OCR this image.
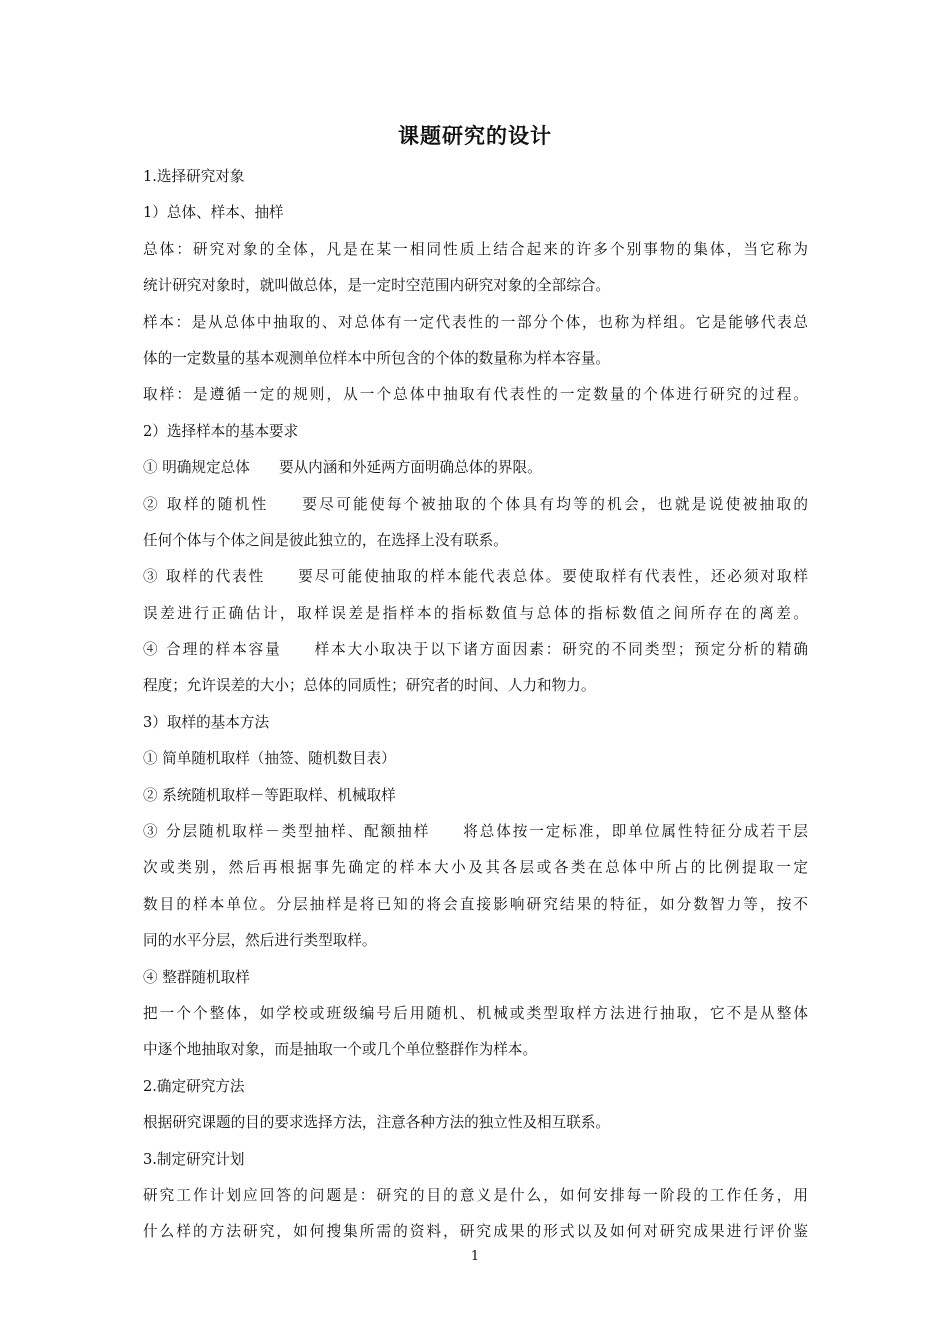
课题研究的设计
1.选择研究对象
1）总体、样本、抽样
总体：研究对象的全体，凡是在某一相同性质上结合起来的许多个别事物的集体，当它称为
统计研究对象时，就叫做总体，是一定时空范围内研究对象的全部综合。
样本：是从总体中抽取的、对总体有一定代表性的一部分个体，也称为样组。它是能够代表总
体的一定数量的基本观测单位样本中所包含的个体的数量称为样本容量。
取样：是遵循一定的规则，从一个总体中抽取有代表性的一定数量的个体进行研究的过程。
2）选择样本的基本要求
① 明确规定总体　　要从内涵和外延两方面明确总体的界限。
② 取样的随机性　　要尽可能使每个被抽取的个体具有均等的机会，也就是说使被抽取的
任何个体与个体之间是彼此独立的，在选择上没有联系。
③ 取样的代表性　　要尽可能使抽取的样本能代表总体。要使取样有代表性，还必须对取样
误差进行正确估计，取样误差是指样本的指标数值与总体的指标数值之间所存在的离差。
④ 合理的样本容量　　样本大小取决于以下诸方面因素：研究的不同类型；预定分析的精确
程度；允许误差的大小；总体的同质性；研究者的时间、人力和物力。
3）取样的基本方法
① 简单随机取样（抽签、随机数目表）
② 系统随机取样－等距取样、机械取样
③ 分层随机取样－类型抽样、配额抽样　　将总体按一定标准，即单位属性特征分成若干层
次或类别，然后再根据事先确定的样本大小及其各层或各类在总体中所占的比例提取一定
数目的样本单位。分层抽样是将已知的将会直接影响研究结果的特征，如分数智力等，按不
同的水平分层，然后进行类型取样。
④ 整群随机取样
把一个个整体，如学校或班级编号后用随机、机械或类型取样方法进行抽取，它不是从整体
中逐个地抽取对象，而是抽取一个或几个单位整群作为样本。
2.确定研究方法
根据研究课题的目的要求选择方法，注意各种方法的独立性及相互联系。
3.制定研究计划
研究工作计划应回答的问题是：研究的目的意义是什么，如何安排每一阶段的工作任务，用
什么样的方法研究，如何搜集所需的资料，研究成果的形式以及如何对研究成果进行评价鉴
1
